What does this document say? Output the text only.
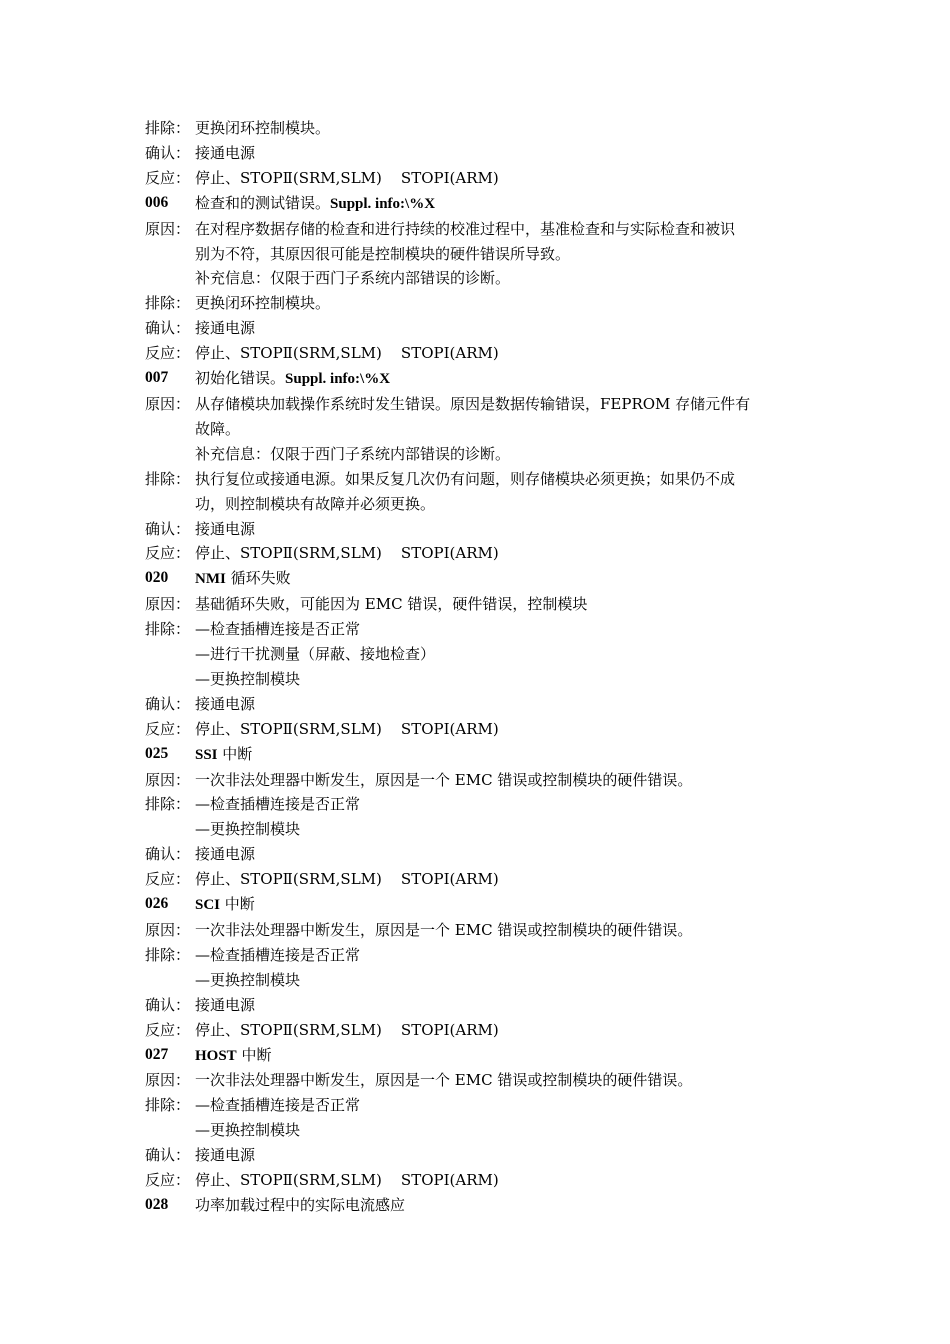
排除： 更换闭环控制模块。
确认： 接通电源
反应： 停止、STOPⅡ(SRM,SLM)    STOPⅠ(ARM)
006	检查和的测试错误。Suppl. info:\%X
原因： 在对程序数据存储的检查和进行持续的校准过程中，基准检查和与实际检查和被识
别为不符，其原因很可能是控制模块的硬件错误所导致。
补充信息：仅限于西门子系统内部错误的诊断。
排除： 更换闭环控制模块。
确认： 接通电源
反应： 停止、STOPⅡ(SRM,SLM)    STOPⅠ(ARM)
007	初始化错误。Suppl. info:\%X
原因： 从存储模块加载操作系统时发生错误。原因是数据传输错误，FEPROM 存储元件有
故障。
补充信息：仅限于西门子系统内部错误的诊断。
排除： 执行复位或接通电源。如果反复几次仍有问题，则存储模块必须更换；如果仍不成
功，则控制模块有故障并必须更换。
确认： 接通电源
反应： 停止、STOPⅡ(SRM,SLM)    STOPⅠ(ARM)
020	NMI 循环失败
原因： 基础循环失败，可能因为 EMC 错误，硬件错误，控制模块
排除： —检查插槽连接是否正常
—进行干扰测量（屏蔽、接地检查）
—更换控制模块
确认： 接通电源
反应： 停止、STOPⅡ(SRM,SLM)    STOPⅠ(ARM)
025	SSI 中断
原因： 一次非法处理器中断发生，原因是一个 EMC 错误或控制模块的硬件错误。
排除： —检查插槽连接是否正常
—更换控制模块
确认： 接通电源
反应： 停止、STOPⅡ(SRM,SLM)    STOPⅠ(ARM)
026	SCI 中断
原因： 一次非法处理器中断发生，原因是一个 EMC 错误或控制模块的硬件错误。
排除： —检查插槽连接是否正常
—更换控制模块
确认： 接通电源
反应： 停止、STOPⅡ(SRM,SLM)    STOPⅠ(ARM)
027	HOST 中断
原因： 一次非法处理器中断发生，原因是一个 EMC 错误或控制模块的硬件错误。
排除： —检查插槽连接是否正常
—更换控制模块
确认： 接通电源
反应： 停止、STOPⅡ(SRM,SLM)    STOPⅠ(ARM)
028	功率加载过程中的实际电流感应
